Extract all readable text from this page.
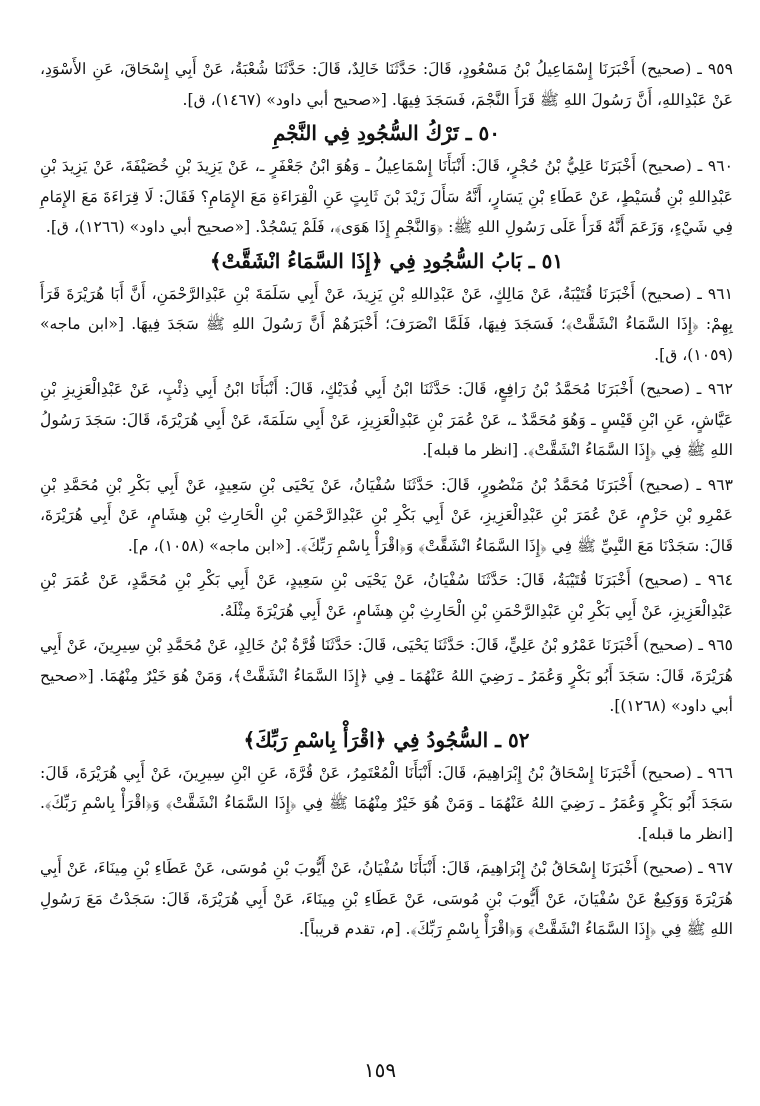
٩٥٩ ـ (صحيح) أَخْبَرَنَا إِسْمَاعِيلُ بْنُ مَسْعُودٍ، قَالَ: حَدَّثَنَا خَالِدٌ، قَالَ: حَدَّثَنَا شُعْبَةُ، عَنْ أَبِي إِسْحَاقَ، عَنِ الأَسْوَدِ، عَنْ عَبْدِاللهِ، أَنَّ رَسُولَ اللهِ ﷺ قَرَأَ النَّجْمَ، فَسَجَدَ فِيهَا. [«صحيح أبي داود» (١٤٦٧)، ق].

٥٠ ـ تَرْكُ السُّجُودِ فِي النَّجْمِ

٩٦٠ ـ (صحيح) أَخْبَرَنَا عَلِيُّ بْنُ حُجْرٍ، قَالَ: أَنْبَأَنَا إِسْمَاعِيلُ ـ وَهُوَ ابْنُ جَعْفَرٍ ـ، عَنْ يَزِيدَ بْنِ خُصَيْفَةَ، عَنْ يَزِيدَ بْنِ عَبْدِاللهِ بْنِ قُسَيْطٍ، عَنْ عَطَاءِ بْنِ يَسَارٍ، أَنَّهُ سَأَلَ زَيْدَ بْنَ ثَابِتٍ عَنِ الْقِرَاءَةِ مَعَ الإِمَامِ؟ فَقَالَ: لَا قِرَاءَةَ مَعَ الإِمَامِ فِي شَيْءٍ، وَزَعَمَ أَنَّهُ قَرَأَ عَلَى رَسُولِ اللهِ ﷺ: ﴿وَالنَّجْمِ إِذَا هَوَى﴾، فَلَمْ يَسْجُدْ. [«صحيح أبي داود» (١٢٦٦)، ق].

٥١ ـ بَابُ السُّجُودِ فِي ﴿إِذَا السَّمَاءُ انْشَقَّتْ﴾

٩٦١ ـ (صحيح) أَخْبَرَنَا قُتَيْبَةُ، عَنْ مَالِكٍ، عَنْ عَبْدِاللهِ بْنِ يَزِيدَ، عَنْ أَبِي سَلَمَةَ بْنِ عَبْدِالرَّحْمَنِ، أَنَّ أَبَا هُرَيْرَةَ قَرَأَ بِهِمْ: ﴿إِذَا السَّمَاءُ انْشَقَّتْ﴾؛ فَسَجَدَ فِيهَا، فَلَمَّا انْصَرَفَ؛ أَخْبَرَهُمْ أَنَّ رَسُولَ اللهِ ﷺ سَجَدَ فِيهَا. [«ابن ماجه» (١٠٥٩)، ق].

٩٦٢ ـ (صحيح) أَخْبَرَنَا مُحَمَّدُ بْنُ رَافِعٍ، قَالَ: حَدَّثَنَا ابْنُ أَبِي فُدَيْكٍ، قَالَ: أَنْبَأَنَا ابْنُ أَبِي ذِئْبٍ، عَنْ عَبْدِالْعَزِيزِ بْنِ عَيَّاشٍ، عَنِ ابْنِ قَيْسٍ ـ وَهُوَ مُحَمَّدٌ ـ، عَنْ عُمَرَ بْنِ عَبْدِالْعَزِيزِ، عَنْ أَبِي سَلَمَةَ، عَنْ أَبِي هُرَيْرَةَ، قَالَ: سَجَدَ رَسُولُ اللهِ ﷺ فِي ﴿إِذَا السَّمَاءُ انْشَقَّتْ﴾. [انظر ما قبله].

٩٦٣ ـ (صحيح) أَخْبَرَنَا مُحَمَّدُ بْنُ مَنْصُورٍ، قَالَ: حَدَّثَنَا سُفْيَانُ، عَنْ يَحْيَى بْنِ سَعِيدٍ، عَنْ أَبِي بَكْرِ بْنِ مُحَمَّدِ بْنِ عَمْرِو بْنِ حَزْمٍ، عَنْ عُمَرَ بْنِ عَبْدِالْعَزِيزِ، عَنْ أَبِي بَكْرِ بْنِ عَبْدِالرَّحْمَنِ بْنِ الْحَارِثِ بْنِ هِشَامٍ، عَنْ أَبِي هُرَيْرَةَ، قَالَ: سَجَدْنَا مَعَ النَّبِيِّ ﷺ فِي ﴿إِذَا السَّمَاءُ انْشَقَّتْ﴾ وَ﴿اقْرَأْ بِاسْمِ رَبِّكَ﴾. [«ابن ماجه» (١٠٥٨)، م].

٩٦٤ ـ (صحيح) أَخْبَرَنَا قُتَيْبَةُ، قَالَ: حَدَّثَنَا سُفْيَانُ، عَنْ يَحْيَى بْنِ سَعِيدٍ، عَنْ أَبِي بَكْرِ بْنِ مُحَمَّدٍ، عَنْ عُمَرَ بْنِ عَبْدِالْعَزِيزِ، عَنْ أَبِي بَكْرِ بْنِ عَبْدِالرَّحْمَنِ بْنِ الْحَارِثِ بْنِ هِشَامٍ، عَنْ أَبِي هُرَيْرَةَ مِثْلَهُ.

٩٦٥ ـ (صحيح) أَخْبَرَنَا عَمْرُو بْنُ عَلِيٍّ، قَالَ: حَدَّثَنَا يَحْيَى، قَالَ: حَدَّثَنَا قُرَّةُ بْنُ خَالِدٍ، عَنْ مُحَمَّدِ بْنِ سِيرِينَ، عَنْ أَبِي هُرَيْرَةَ، قَالَ: سَجَدَ أَبُو بَكْرٍ وَعُمَرُ ـ رَضِيَ اللهُ عَنْهُمَا ـ فِي ﴿إِذَا السَّمَاءُ انْشَقَّتْ﴾، وَمَنْ هُوَ خَيْرٌ مِنْهُمَا. [«صحيح أبي داود» (١٢٦٨)].

٥٢ ـ السُّجُودُ فِي ﴿اقْرَأْ بِاسْمِ رَبِّكَ﴾

٩٦٦ ـ (صحيح) أَخْبَرَنَا إِسْحَاقُ بْنُ إِبْرَاهِيمَ، قَالَ: أَنْبَأَنَا الْمُعْتَمِرُ، عَنْ قُرَّةَ، عَنِ ابْنِ سِيرِينَ، عَنْ أَبِي هُرَيْرَةَ، قَالَ: سَجَدَ أَبُو بَكْرٍ وَعُمَرُ ـ رَضِيَ اللهُ عَنْهُمَا ـ وَمَنْ هُوَ خَيْرٌ مِنْهُمَا ﷺ فِي ﴿إِذَا السَّمَاءُ انْشَقَّتْ﴾ وَ﴿اقْرَأْ بِاسْمِ رَبِّكَ﴾. [انظر ما قبله].

٩٦٧ ـ (صحيح) أَخْبَرَنَا إِسْحَاقُ بْنُ إِبْرَاهِيمَ، قَالَ: أَنْبَأَنَا سُفْيَانُ، عَنْ أَيُّوبَ بْنِ مُوسَى، عَنْ عَطَاءِ بْنِ مِينَاءَ، عَنْ أَبِي هُرَيْرَةَ وَوَكِيعٌ عَنْ سُفْيَانَ، عَنْ أَيُّوبَ بْنِ مُوسَى، عَنْ عَطَاءِ بْنِ مِينَاءَ، عَنْ أَبِي هُرَيْرَةَ، قَالَ: سَجَدْتُ مَعَ رَسُولِ اللهِ ﷺ فِي ﴿إِذَا السَّمَاءُ انْشَقَّتْ﴾ وَ﴿اقْرَأْ بِاسْمِ رَبِّكَ﴾. [م، تقدم قريباً].

١٥٩
